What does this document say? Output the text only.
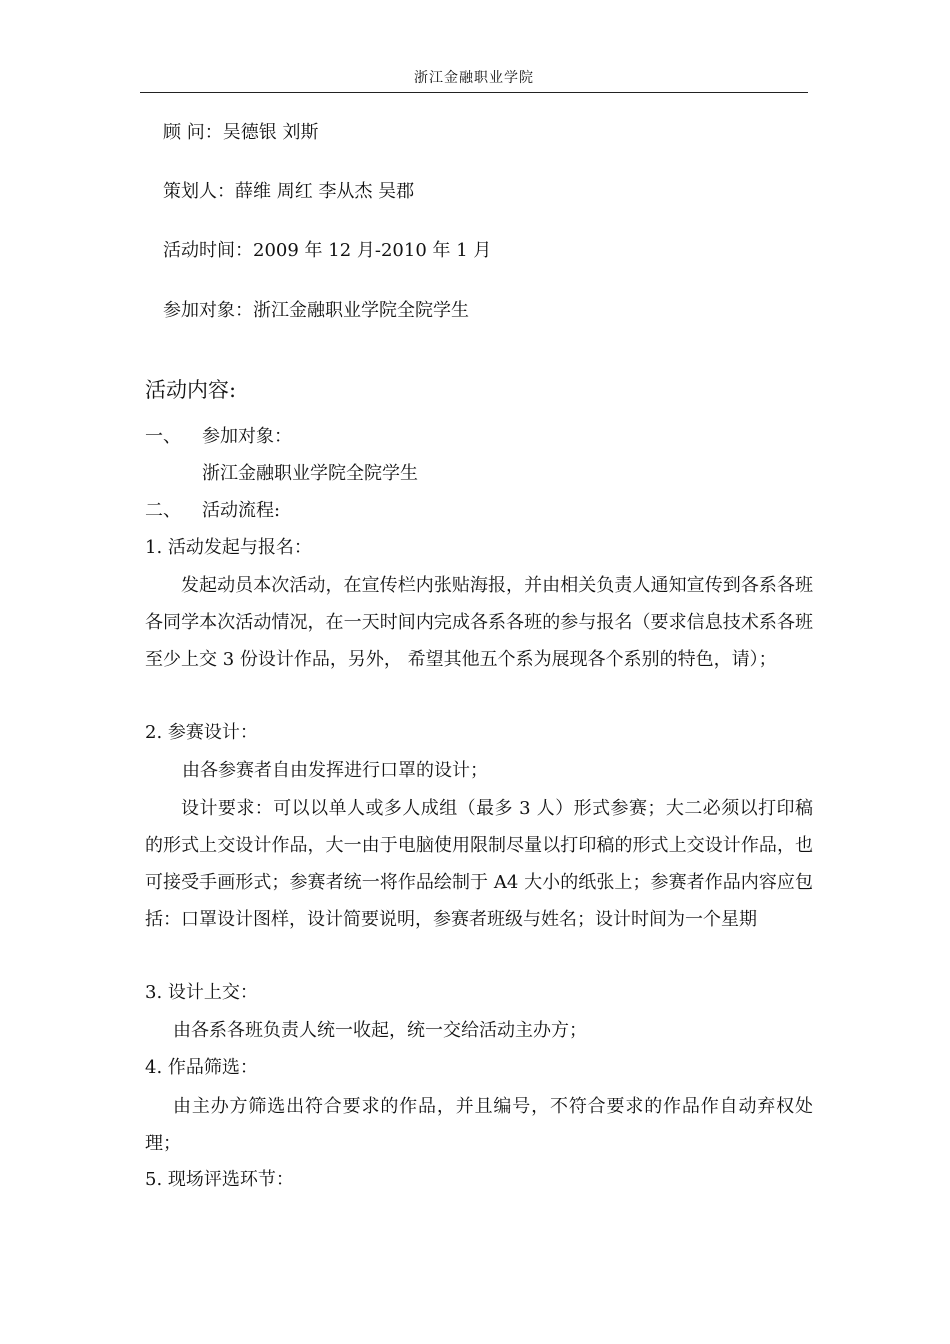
浙江金融职业学院
顾 问：吴德银 刘斯
策划人：薛维 周红 李从杰 吴郡
活动时间：2009 年 12 月-2010 年 1 月
参加对象：浙江金融职业学院全院学生
活动内容:
一、 参加对象：
浙江金融职业学院全院学生
二、 活动流程:
1. 活动发起与报名：
发起动员本次活动，在宣传栏内张贴海报，并由相关负责人通知宣传到各系各班各同学本次活动情况，在一天时间内完成各系各班的参与报名（要求信息技术系各班至少上交 3 份设计作品，另外， 希望其他五个系为展现各个系别的特色，请）；
2. 参赛设计：
由各参赛者自由发挥进行口罩的设计；
设计要求：可以以单人或多人成组（最多 3 人）形式参赛；大二必须以打印稿的形式上交设计作品，大一由于电脑使用限制尽量以打印稿的形式上交设计作品，也可接受手画形式；参赛者统一将作品绘制于 A4 大小的纸张上；参赛者作品内容应包括：口罩设计图样，设计简要说明，参赛者班级与姓名；设计时间为一个星期
3. 设计上交：
由各系各班负责人统一收起，统一交给活动主办方；
4. 作品筛选：
由主办方筛选出符合要求的作品，并且编号，不符合要求的作品作自动弃权处理；
5. 现场评选环节：
